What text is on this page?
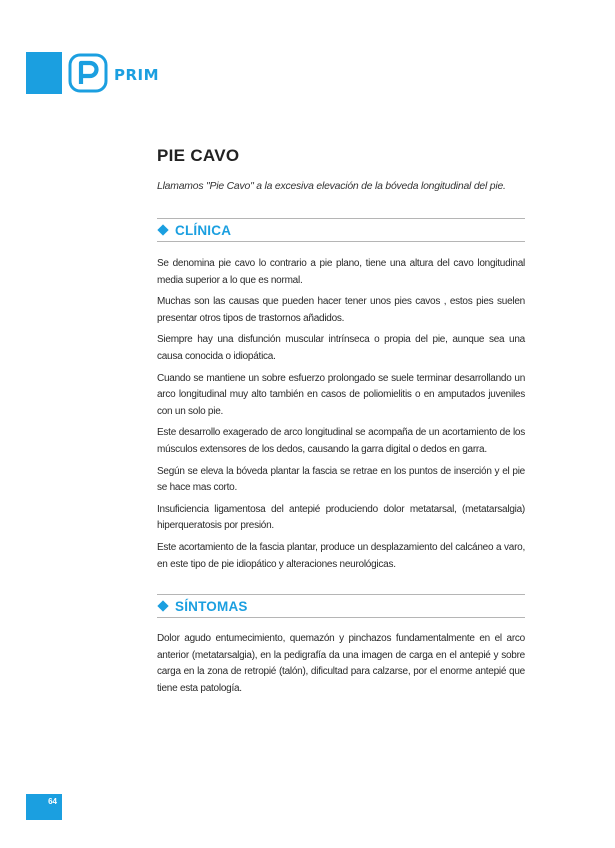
PRIM
PIE CAVO

Llamamos "Pie Cavo" a la excesiva elevación de la bóveda longitudinal del pie.

CLÍNICA

Se denomina pie cavo lo contrario a pie plano, tiene una altura del cavo longitudinal media superior a lo que es normal.

Muchas son las causas que pueden hacer tener unos pies cavos , estos pies suelen presentar otros tipos de trastornos añadidos.

Siempre hay una disfunción muscular intrínseca o propia del pie, aunque sea una causa conocida o idiopática.

Cuando se mantiene un sobre esfuerzo prolongado se suele terminar desarrollando un arco longitudinal muy alto también en casos de poliomielitis o en amputados juveniles con un solo pie.

Este desarrollo exagerado de arco longitudinal se acompaña de un acortamiento de los músculos extensores de los dedos, causando la garra digital o dedos en garra.

Según se eleva la bóveda plantar la fascia se retrae en los puntos de inserción y el pie se hace mas corto.

Insuficiencia ligamentosa del antepié produciendo dolor metatarsal, (metatarsalgia) hiperqueratosis por presión.

Este acortamiento de la fascia plantar, produce un desplazamiento del calcáneo a varo, en este tipo de pie idiopático y alteraciones neurológicas.

SÍNTOMAS

Dolor agudo entumecimiento, quemazón y pinchazos fundamentalmente en el arco anterior (metatarsalgia), en la pedigrafía da una imagen de carga en el antepié y sobre carga en la zona de retropié (talón), dificultad para calzarse, por el enorme antepié que tiene esta patología.

64
